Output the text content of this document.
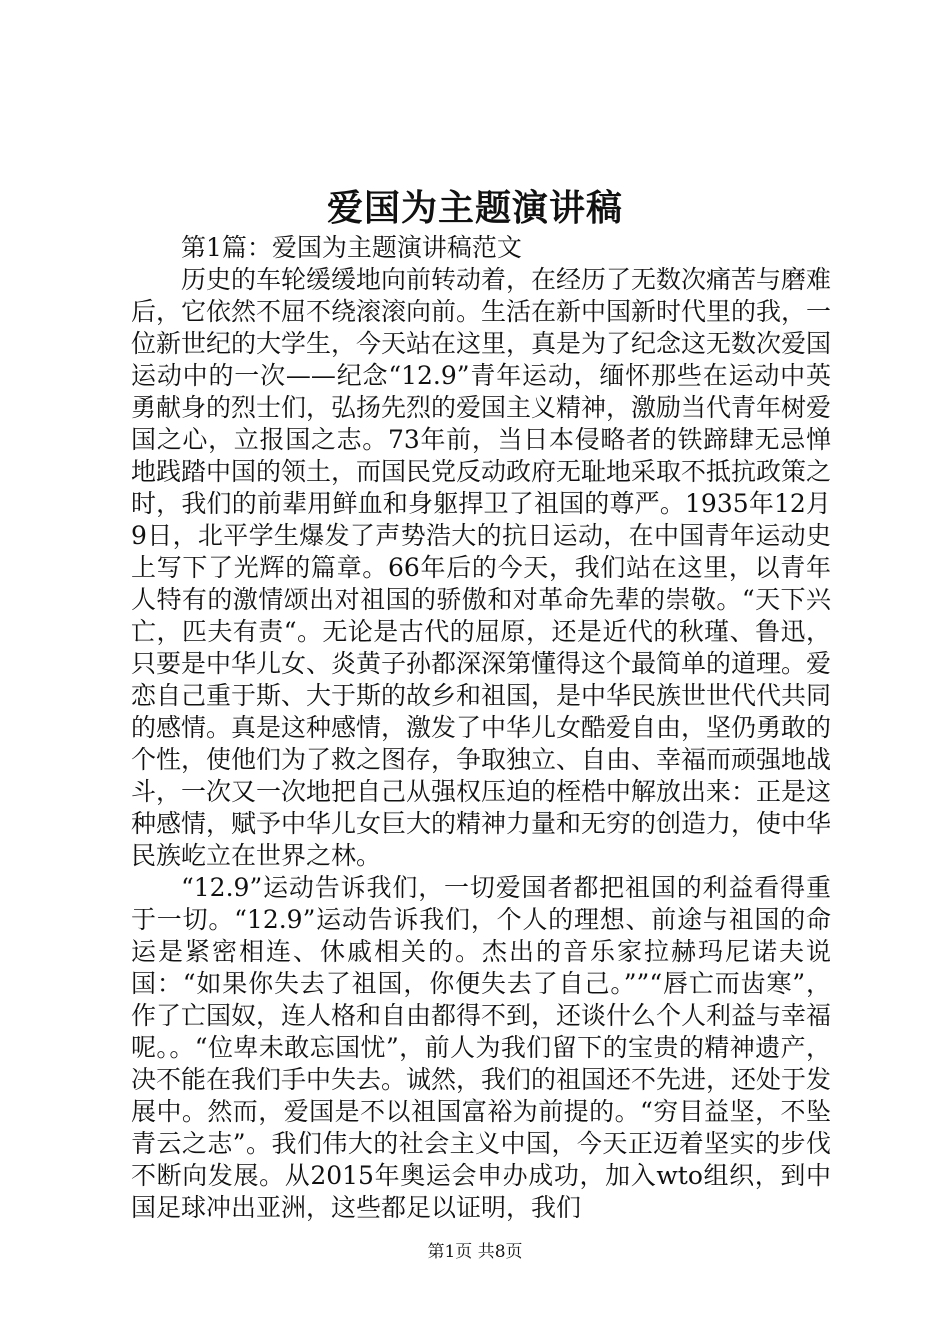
爱国为主题演讲稿

第1篇：爱国为主题演讲稿范文

历史的车轮缓缓地向前转动着，在经历了无数次痛苦与磨难后，它依然不屈不绕滚滚向前。生活在新中国新时代里的我，一位新世纪的大学生，今天站在这里，真是为了纪念这无数次爱国运动中的一次——纪念“12.9”青年运动，缅怀那些在运动中英勇献身的烈士们，弘扬先烈的爱国主义精神，激励当代青年树爱国之心，立报国之志。73年前，当日本侵略者的铁蹄肆无忌惮地践踏中国的领土，而国民党反动政府无耻地采取不抵抗政策之时，我们的前辈用鲜血和身躯捍卫了祖国的尊严。1935年12月9日，北平学生爆发了声势浩大的抗日运动，在中国青年运动史上写下了光辉的篇章。66年后的今天，我们站在这里，以青年人特有的激情颂出对祖国的骄傲和对革命先辈的崇敬。“天下兴亡，匹夫有责“。无论是古代的屈原，还是近代的秋瑾、鲁迅，只要是中华儿女、炎黄子孙都深深第懂得这个最简单的道理。爱恋自己重于斯、大于斯的故乡和祖国，是中华民族世世代代共同的感情。真是这种感情，激发了中华儿女酷爱自由，坚仍勇敢的个性，使他们为了救之图存，争取独立、自由、幸福而顽强地战斗，一次又一次地把自己从强权压迫的桎梏中解放出来：正是这种感情，赋予中华儿女巨大的精神力量和无穷的创造力，使中华民族屹立在世界之林。

“12.9”运动告诉我们，一切爱国者都把祖国的利益看得重于一切。“12.9”运动告诉我们，个人的理想、前途与祖国的命运是紧密相连、休戚相关的。杰出的音乐家拉赫玛尼诺夫说国：“如果你失去了祖国，你便失去了自己。””“唇亡而齿寒”，作了亡国奴，连人格和自由都得不到，还谈什么个人利益与幸福呢。。“位卑未敢忘国忧”，前人为我们留下的宝贵的精神遗产，决不能在我们手中失去。诚然，我们的祖国还不先进，还处于发展中。然而，爱国是不以祖国富裕为前提的。“穷目益坚，不坠青云之志”。我们伟大的社会主义中国，今天正迈着坚实的步伐不断向发展。从2015年奥运会申办成功，加入wto组织，到中国足球冲出亚洲，这些都足以证明，我们

第1页 共8页
